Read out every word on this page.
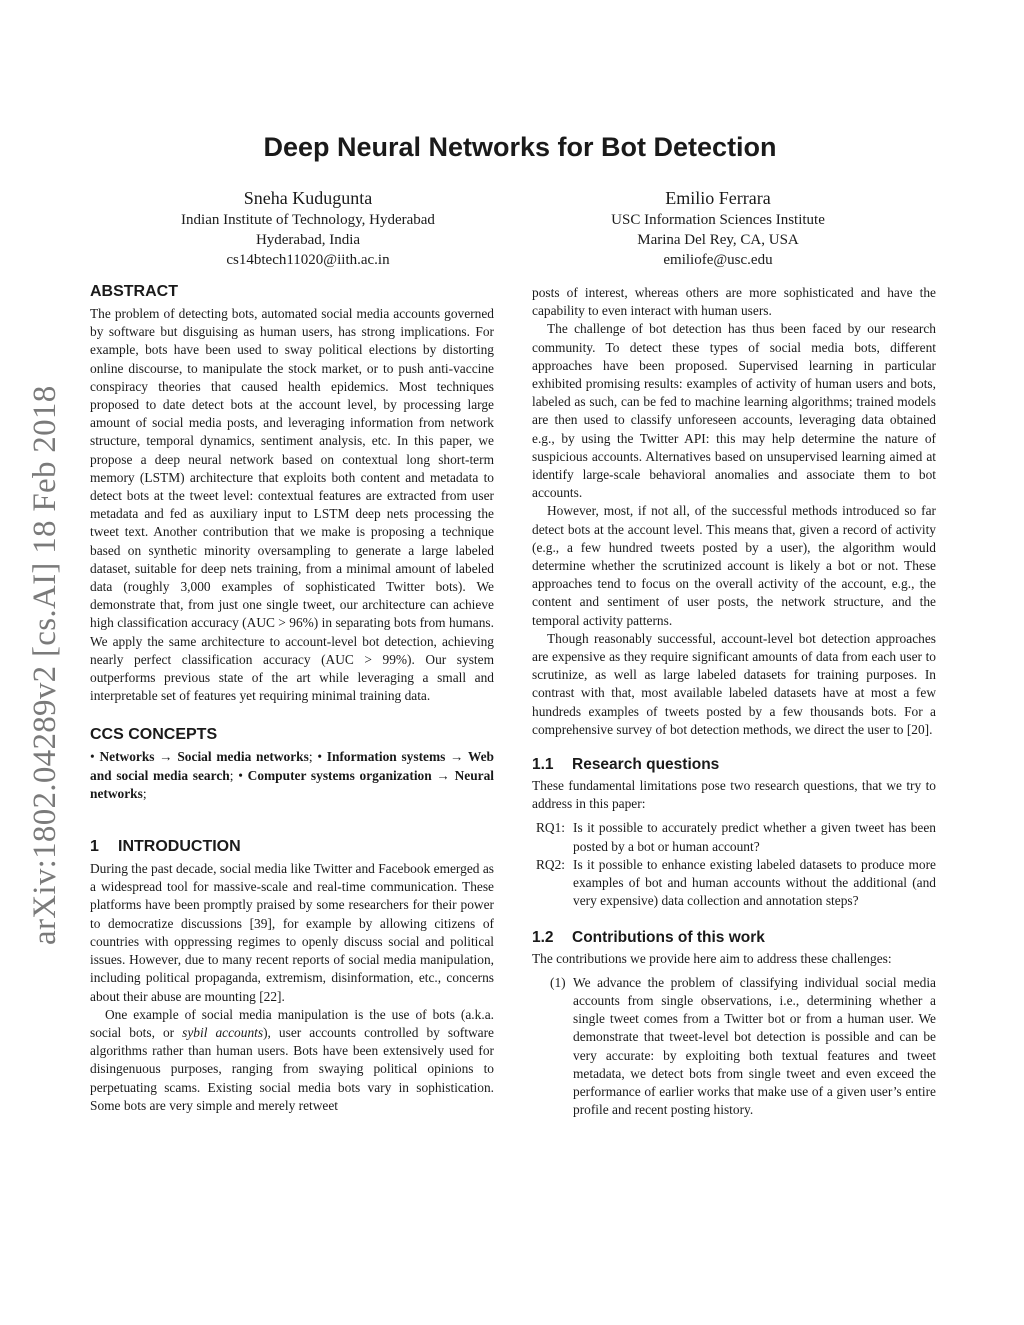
arXiv:1802.04289v2 [cs.AI] 18 Feb 2018
Deep Neural Networks for Bot Detection
Sneha Kudugunta
Indian Institute of Technology, Hyderabad
Hyderabad, India
cs14btech11020@iith.ac.in
Emilio Ferrara
USC Information Sciences Institute
Marina Del Rey, CA, USA
emiliofe@usc.edu
ABSTRACT

The problem of detecting bots, automated social media accounts governed by software but disguising as human users, has strong implications. For example, bots have been used to sway political elections by distorting online discourse, to manipulate the stock market, or to push anti-vaccine conspiracy theories that caused health epidemics. Most techniques proposed to date detect bots at the account level, by processing large amount of social media posts, and leveraging information from network structure, temporal dynamics, sentiment analysis, etc. In this paper, we propose a deep neural network based on contextual long short-term memory (LSTM) architecture that exploits both content and metadata to detect bots at the tweet level: contextual features are extracted from user metadata and fed as auxiliary input to LSTM deep nets processing the tweet text. Another contribution that we make is proposing a technique based on synthetic minority oversampling to generate a large labeled dataset, suitable for deep nets training, from a minimal amount of labeled data (roughly 3,000 examples of sophisticated Twitter bots). We demonstrate that, from just one single tweet, our architecture can achieve high classification accuracy (AUC > 96%) in separating bots from humans. We apply the same architecture to account-level bot detection, achieving nearly perfect classification accuracy (AUC > 99%). Our system outperforms previous state of the art while leveraging a small and interpretable set of features yet requiring minimal training data.

CCS CONCEPTS
• Networks → Social media networks; • Information systems → Web and social media search; • Computer systems organization → Neural networks;
1 INTRODUCTION

During the past decade, social media like Twitter and Facebook emerged as a widespread tool for massive-scale and real-time communication. These platforms have been promptly praised by some researchers for their power to democratize discussions [39], for example by allowing citizens of countries with oppressing regimes to openly discuss social and political issues. However, due to many recent reports of social media manipulation, including political propaganda, extremism, disinformation, etc., concerns about their abuse are mounting [22].

One example of social media manipulation is the use of bots (a.k.a. social bots, or sybil accounts), user accounts controlled by software algorithms rather than human users. Bots have been extensively used for disingenuous purposes, ranging from swaying political opinions to perpetuating scams. Existing social media bots vary in sophistication. Some bots are very simple and merely retweet

posts of interest, whereas others are more sophisticated and have the capability to even interact with human users.

The challenge of bot detection has thus been faced by our research community. To detect these types of social media bots, different approaches have been proposed. Supervised learning in particular exhibited promising results: examples of activity of human users and bots, labeled as such, can be fed to machine learning algorithms; trained models are then used to classify unforeseen accounts, leveraging data obtained e.g., by using the Twitter API: this may help determine the nature of suspicious accounts. Alternatives based on unsupervised learning aimed at identify large-scale behavioral anomalies and associate them to bot accounts.

However, most, if not all, of the successful methods introduced so far detect bots at the account level. This means that, given a record of activity (e.g., a few hundred tweets posted by a user), the algorithm would determine whether the scrutinized account is likely a bot or not. These approaches tend to focus on the overall activity of the account, e.g., the content and sentiment of user posts, the network structure, and the temporal activity patterns.

Though reasonably successful, account-level bot detection approaches are expensive as they require significant amounts of data from each user to scrutinize, as well as large labeled datasets for training purposes. In contrast with that, most available labeled datasets have at most a few hundreds examples of tweets posted by a few thousands bots. For a comprehensive survey of bot detection methods, we direct the user to [20].

1.1 Research questions

These fundamental limitations pose two research questions, that we try to address in this paper:

RQ1: Is it possible to accurately predict whether a given tweet has been posted by a bot or human account?
RQ2: Is it possible to enhance existing labeled datasets to produce more examples of bot and human accounts without the additional (and very expensive) data collection and annotation steps?
1.2 Contributions of this work

The contributions we provide here aim to address these challenges:

(1) We advance the problem of classifying individual social media accounts from single observations, i.e., determining whether a single tweet comes from a Twitter bot or from a human user. We demonstrate that tweet-level bot detection is possible and can be very accurate: by exploiting both textual features and tweet metadata, we detect bots from single tweet and even exceed the performance of earlier works that make use of a given user’s entire profile and recent posting history.
